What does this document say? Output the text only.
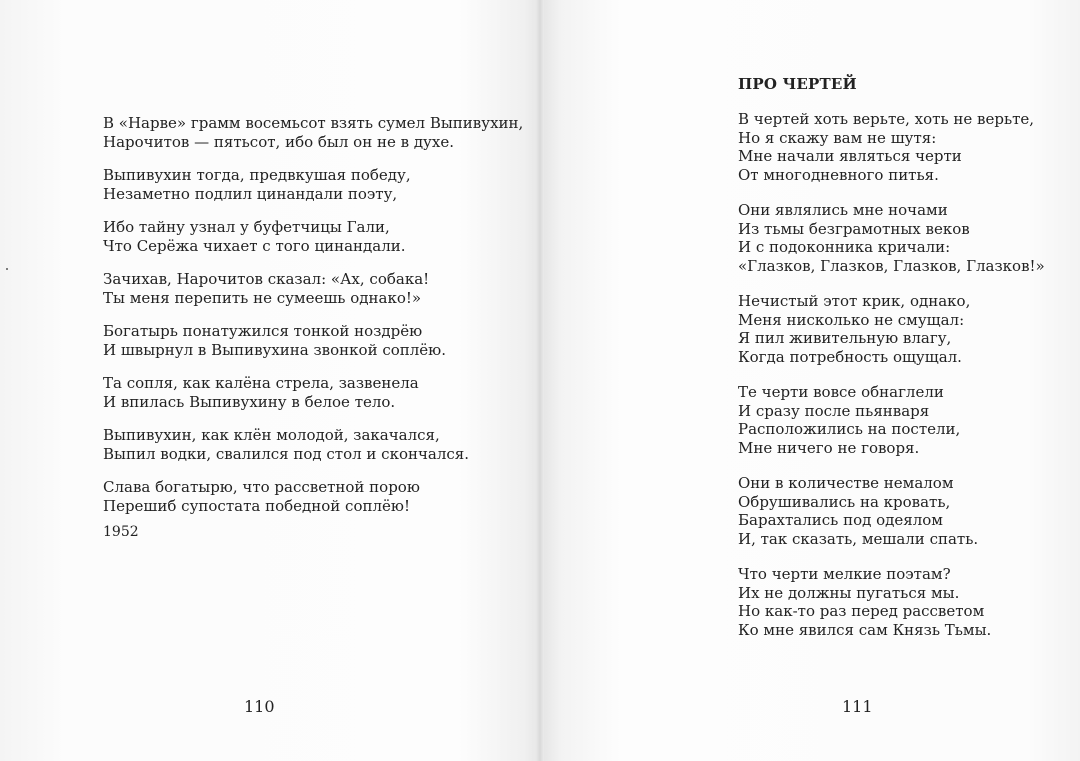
В «Нарве» грамм восемьсот взять сумел Выпивухин,
Нарочитов — пятьсот, ибо был он не в духе.
Выпивухин тогда, предвкушая победу,
Незаметно подлил цинандали поэту,
Ибо тайну узнал у буфетчицы Гали,
Что Серёжа чихает с того цинандали.
Зачихав, Нарочитов сказал: «Ах, собака!
Ты меня перепить не сумеешь однако!»
Богатырь понатужился тонкой ноздрёю
И швырнул в Выпивухина звонкой соплёю.
Та сопля, как калёна стрела, зазвенела
И впилась Выпивухину в белое тело.
Выпивухин, как клён молодой, закачался,
Выпил водки, свалился под стол и скончался.
Слава богатырю, что рассветной порою
Перешиб супостата победной соплёю!
1952
110
ПРО ЧЕРТЕЙ
В чертей хоть верьте, хоть не верьте,
Но я скажу вам не шутя:
Мне начали являться черти
От многодневного питья.
Они являлись мне ночами
Из тьмы безграмотных веков
И с подоконника кричали:
«Глазков, Глазков, Глазков, Глазков!»
Нечистый этот крик, однако,
Меня нисколько не смущал:
Я пил живительную влагу,
Когда потребность ощущал.
Те черти вовсе обнаглели
И сразу после пьянваря
Расположились на постели,
Мне ничего не говоря.
Они в количестве немалом
Обрушивались на кровать,
Барахтались под одеялом
И, так сказать, мешали спать.
Что черти мелкие поэтам?
Их не должны пугаться мы.
Но как-то раз перед рассветом
Ко мне явился сам Князь Тьмы.
111
